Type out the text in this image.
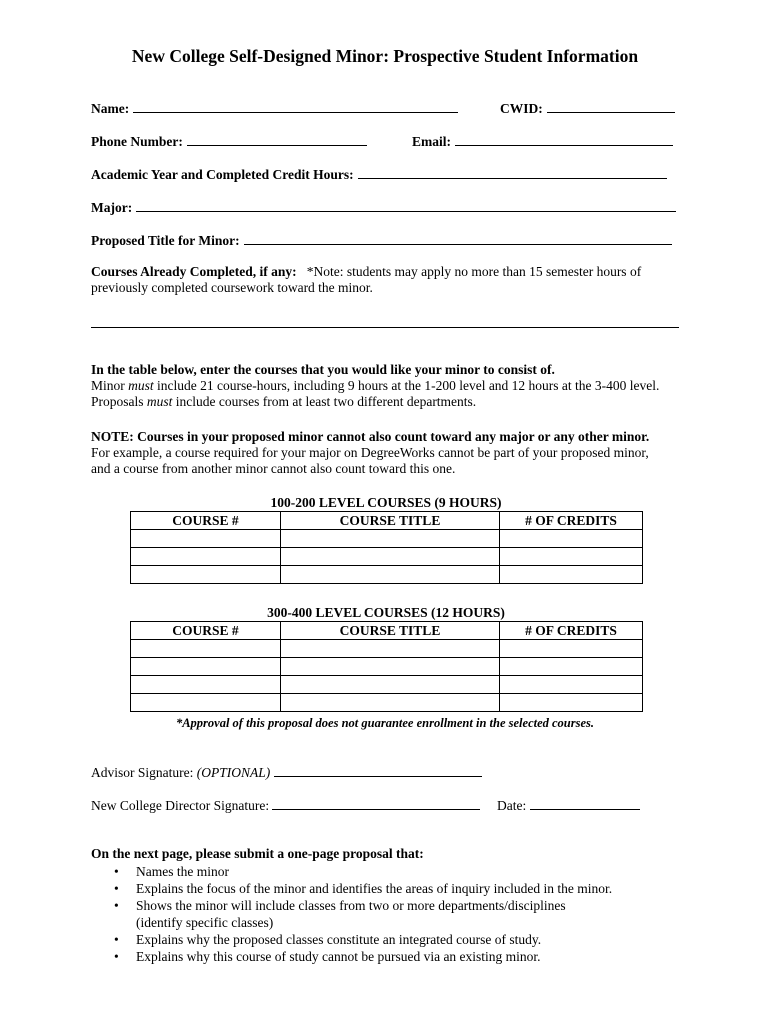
New College Self-Designed Minor: Prospective Student Information
Name:	CWID:
Phone Number:	Email:
Academic Year and Completed Credit Hours:
Major:
Proposed Title for Minor:
Courses Already Completed, if any: *Note: students may apply no more than 15 semester hours of
previously completed coursework toward the minor.
In the table below, enter the courses that you would like your minor to consist of.
Minor must include 21 course-hours, including 9 hours at the 1-200 level and 12 hours at the 3-400 level.
Proposals must include courses from at least two different departments.
NOTE: Courses in your proposed minor cannot also count toward any major or any other minor.
For example, a course required for your major on DegreeWorks cannot be part of your proposed minor,
and a course from another minor cannot also count toward this one.
100-200 LEVEL COURSES (9 HOURS)
COURSE #	COURSE TITLE	# OF CREDITS

300-400 LEVEL COURSES (12 HOURS)
COURSE #	COURSE TITLE	# OF CREDITS

*Approval of this proposal does not guarantee enrollment in the selected courses.
Advisor Signature: (OPTIONAL)
New College Director Signature:	Date:
On the next page, please submit a one-page proposal that:
• Names the minor
• Explains the focus of the minor and identifies the areas of inquiry included in the minor.
• Shows the minor will include classes from two or more departments/disciplines
(identify specific classes)
• Explains why the proposed classes constitute an integrated course of study.
• Explains why this course of study cannot be pursued via an existing minor.
